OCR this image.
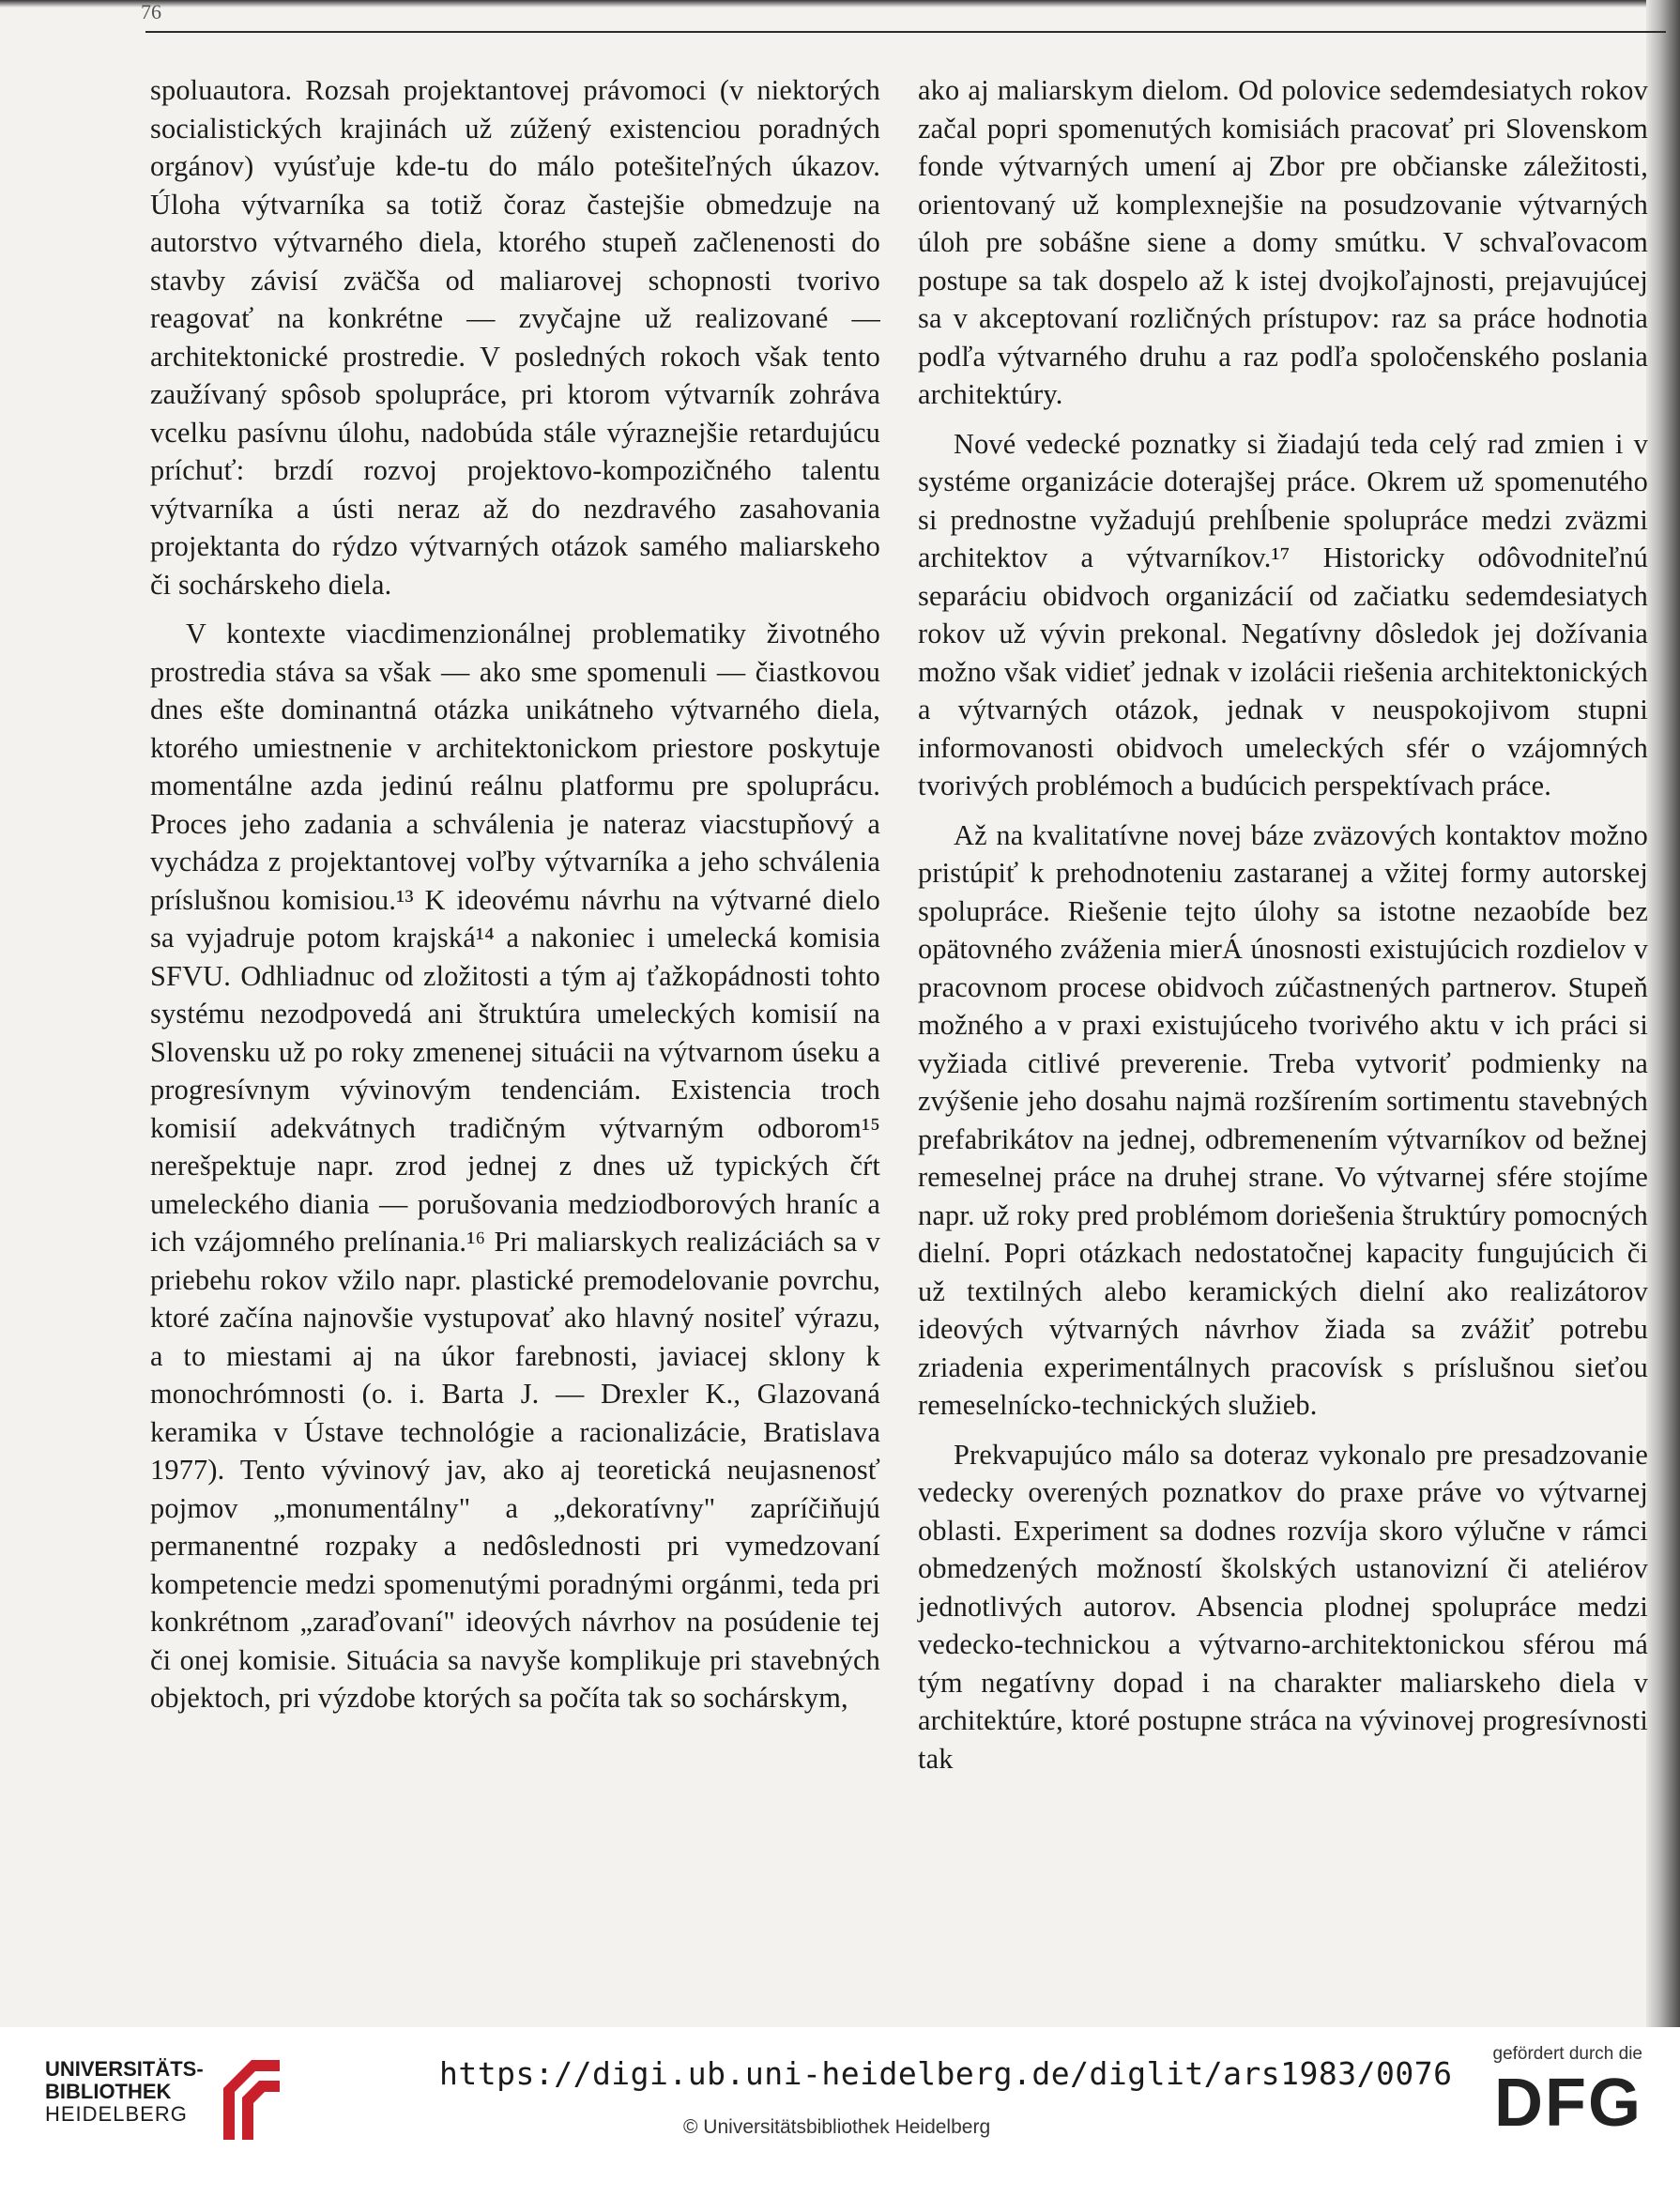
76

spoluautora. Rozsah projektantovej právomoci (v niektorých socialistických krajinách už zúžený existenciou poradných orgánov) vyúsťuje kde-tu do málo potešiteľných úkazov. Úloha výtvarníka sa totiž čoraz častejšie obmedzuje na autorstvo výtvarného diela, ktorého stupeň začlenenosti do stavby závisí zväčša od maliarovej schopnosti tvorivo reagovať na konkrétne — zvyčajne už realizované — architektonické prostredie. V posledných rokoch však tento zaužívaný spôsob spolupráce, pri ktorom výtvarník zohráva vcelku pasívnu úlohu, nadobúda stále výraznejšie retardujúcu príchuť: brzdí rozvoj projektovo-kompozičného talentu výtvarníka a ústi neraz až do nezdravého zasahovania projektanta do rýdzo výtvarných otázok samého maliarskeho či sochárskeho diela.

V kontexte viacdimenzionálnej problematiky životného prostredia stáva sa však — ako sme spomenuli — čiastkovou dnes ešte dominantná otázka unikátneho výtvarného diela, ktorého umiestnenie v architektonickom priestore poskytuje momentálne azda jedinú reálnu platformu pre spoluprácu. Proces jeho zadania a schválenia je nateraz viacstupňový a vychádza z projektantovej voľby výtvarníka a jeho schválenia príslušnou komisiou.¹³ K ideovému návrhu na výtvarné dielo sa vyjadruje potom krajská¹⁴ a nakoniec i umelecká komisia SFVU. Odhliadnuc od zložitosti a tým aj ťažkopádnosti tohto systému nezodpovedá ani štruktúra umeleckých komisií na Slovensku už po roky zmenenej situácii na výtvarnom úseku a progresívnym vývinovým tendenciám. Existencia troch komisií adekvátnych tradičným výtvarným odborom¹⁵ nerešpektuje napr. zrod jednej z dnes už typických čŕt umeleckého diania — porušovania medziodborových hraníc a ich vzájomného prelínania.¹⁶ Pri maliarskych realizáciách sa v priebehu rokov vžilo napr. plastické premodelovanie povrchu, ktoré začína najnovšie vystupovať ako hlavný nositeľ výrazu, a to miestami aj na úkor farebnosti, javiacej sklony k monochrómnosti (o. i. Barta J. — Drexler K., Glazovaná keramika v Ústave technológie a racionalizácie, Bratislava 1977). Tento vývinový jav, ako aj teoretická neujasnenosť pojmov „monumentálny" a „dekoratívny" zapríčiňujú permanentné rozpaky a nedôslednosti pri vymedzovaní kompetencie medzi spomenutými poradnými orgánmi, teda pri konkrétnom „zaraďovaní" ideových návrhov na posúdenie tej či onej komisie. Situácia sa navyše komplikuje pri stavebných objektoch, pri výzdobe ktorých sa počíta tak so sochárskym,

ako aj maliarskym dielom. Od polovice sedemdesiatych rokov začal popri spomenutých komisiách pracovať pri Slovenskom fonde výtvarných umení aj Zbor pre občianske záležitosti, orientovaný už komplexnejšie na posudzovanie výtvarných úloh pre sobášne siene a domy smútku. V schvaľovacom postupe sa tak dospelo až k istej dvojkoľajnosti, prejavujúcej sa v akceptovaní rozličných prístupov: raz sa práce hodnotia podľa výtvarného druhu a raz podľa spoločenského poslania architektúry.

Nové vedecké poznatky si žiadajú teda celý rad zmien i v systéme organizácie doterajšej práce. Okrem už spomenutého si prednostne vyžadujú prehĺbenie spolupráce medzi zväzmi architektov a výtvarníkov.¹⁷ Historicky odôvodniteľnú separáciu obidvoch organizácií od začiatku sedemdesiatych rokov už vývin prekonal. Negatívny dôsledok jej dožívania možno však vidieť jednak v izolácii riešenia architektonických a výtvarných otázok, jednak v neuspokojivom stupni informovanosti obidvoch umeleckých sfér o vzájomných tvorivých problémoch a budúcich perspektívach práce.

Až na kvalitatívne novej báze zväzových kontaktov možno pristúpiť k prehodnoteniu zastaranej a vžitej formy autorskej spolupráce. Riešenie tejto úlohy sa istotne nezaobíde bez opätovného zváženia mierÁ únosnosti existujúcich rozdielov v pracovnom procese obidvoch zúčastnených partnerov. Stupeň možného a v praxi existujúceho tvorivého aktu v ich práci si vyžiada citlivé preverenie. Treba vytvoriť podmienky na zvýšenie jeho dosahu najmä rozšírením sortimentu stavebných prefabrikátov na jednej, odbremenením výtvarníkov od bežnej remeselnej práce na druhej strane. Vo výtvarnej sfére stojíme napr. už roky pred problémom doriešenia štruktúry pomocných dielní. Popri otázkach nedostatočnej kapacity fungujúcich či už textilných alebo keramických dielní ako realizátorov ideových výtvarných návrhov žiada sa zvážiť potrebu zriadenia experimentálnych pracovísk s príslušnou sieťou remeselnícko-technických služieb.

Prekvapujúco málo sa doteraz vykonalo pre presadzovanie vedecky overených poznatkov do praxe práve vo výtvarnej oblasti. Experiment sa dodnes rozvíja skoro výlučne v rámci obmedzených možností školských ustanovizní či ateliérov jednotlivých autorov. Absencia plodnej spolupráce medzi vedecko-technickou a výtvarno-architektonickou sférou má tým negatívny dopad i na charakter maliarskeho diela v architektúre, ktoré postupne stráca na vývinovej progresívnosti tak

UNIVERSITÄTS-
BIBLIOTHEK
HEIDELBERG
https://digi.ub.uni-heidelberg.de/diglit/ars1983/0076
© Universitätsbibliothek Heidelberg
gefördert durch die
DFG
